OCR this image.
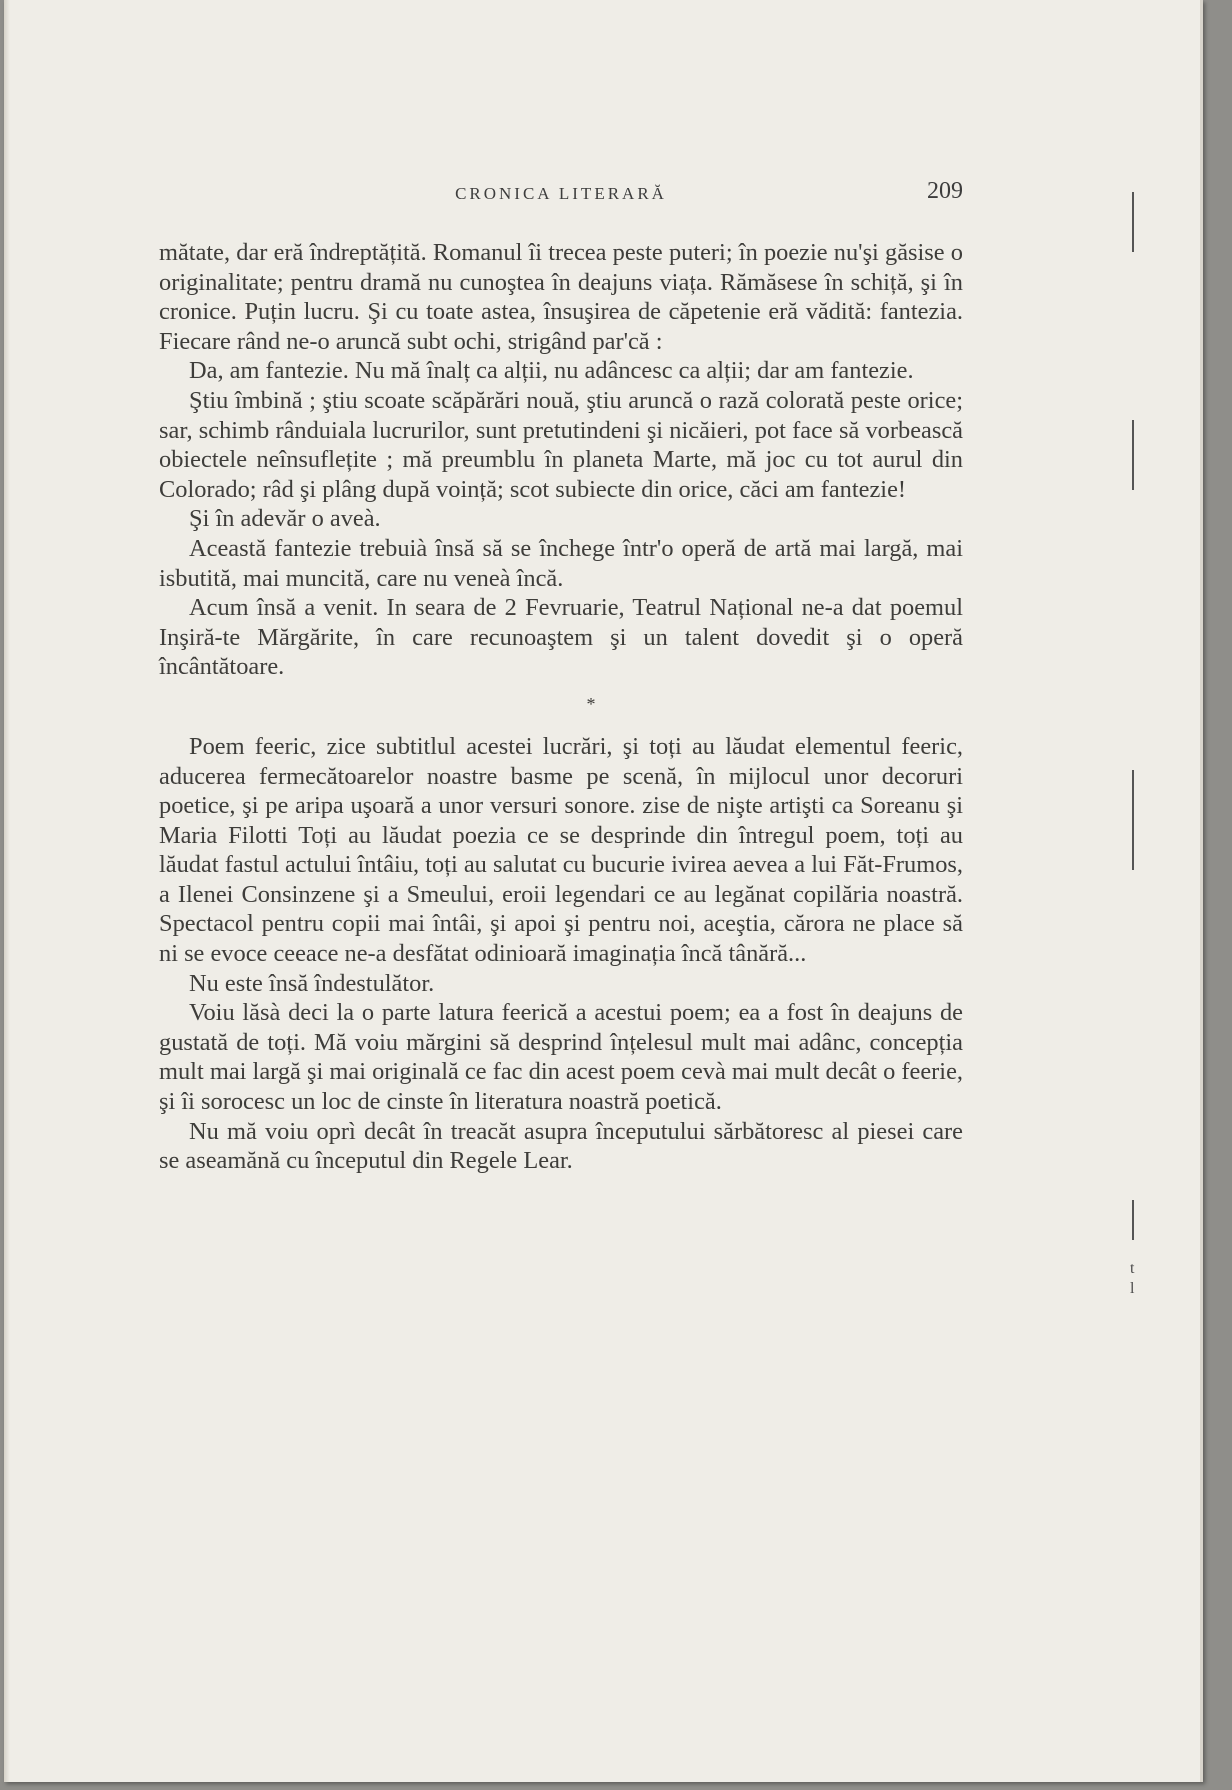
CRONICA LITERARĂ	209

mătate, dar eră îndreptățită. Romanul îi trecea peste puteri; în poezie nu'şi găsise o originalitate; pentru dramă nu cunoştea în deajuns viața. Rămăsese în schiță, şi în cronice. Puțin lucru. Şi cu toate astea, însuşirea de căpetenie eră vădită: fantezia. Fiecare rând ne-o aruncă subt ochi, strigând par'că :

Da, am fantezie. Nu mă înalț ca alții, nu adâncesc ca alții; dar am fantezie.

Ştiu îmbină ; ştiu scoate scăpărări nouă, ştiu aruncă o rază colorată peste orice; sar, schimb rânduiala lucrurilor, sunt pretutindeni şi nicăieri, pot face să vorbească obiectele neînsuflețite ; mă preumblu în planeta Marte, mă joc cu tot aurul din Colorado; râd şi plâng după voință; scot subiecte din orice, căci am fantezie!

Şi în adevăr o aveà.

Această fantezie trebuià însă să se închege într'o operă de artă mai largă, mai isbutită, mai muncită, care nu veneà încă.

Acum însă a venit. In seara de 2 Fevruarie, Teatrul Național ne-a dat poemul Inşiră-te Mărgărite, în care recunoaştem şi un talent dovedit şi o operă încântătoare.

*

Poem feeric, zice subtitlul acestei lucrări, şi toți au lăudat elementul feeric, aducerea fermecătoarelor noastre basme pe scenă, în mijlocul unor decoruri poetice, şi pe aripa uşoară a unor versuri sonore. zise de nişte artişti ca Soreanu şi Maria Filotti Toți au lăudat poezia ce se desprinde din întregul poem, toți au lăudat fastul actului întâiu, toți au salutat cu bucurie ivirea aevea a lui Făt-Frumos, a Ilenei Consinzene şi a Smeului, eroii legendari ce au legănat copilăria noastră. Spectacol pentru copii mai întâi, şi apoi şi pentru noi, aceştia, cărora ne place să ni se evoce ceeace ne-a desfătat odinioară imaginația încă tânără...

Nu este însă îndestulător.

Voiu lăsà deci la o parte latura feerică a acestui poem; ea a fost în deajuns de gustată de toți. Mă voiu mărgini să desprind înțelesul mult mai adânc, concepția mult mai largă şi mai originală ce fac din acest poem cevà mai mult decât o feerie, şi îi sorocesc un loc de cinste în literatura noastră poetică.

Nu mă voiu oprì decât în treacăt asupra începutului sărbătoresc al piesei care se aseamănă cu începutul din Regele Lear.

t
l
